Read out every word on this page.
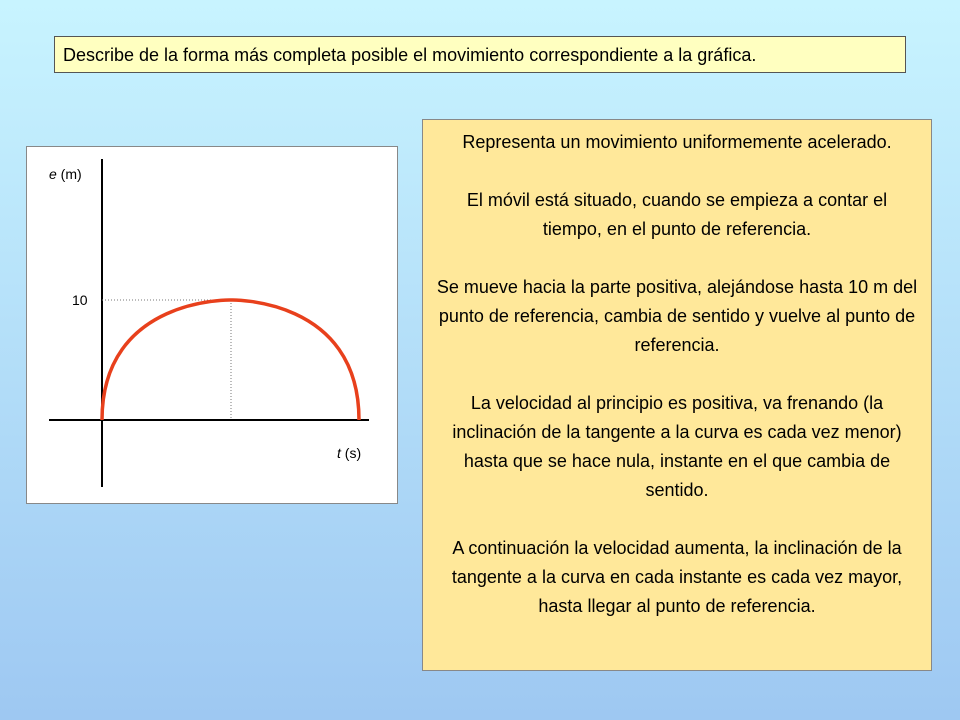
Describe de la forma más completa posible el movimiento correspondiente a la gráfica.
e (m)
10
t (s)

Representa un movimiento uniformemente acelerado.

El móvil está situado, cuando se empieza a contar el tiempo, en el punto de referencia.

Se mueve hacia la parte positiva, alejándose hasta 10 m del punto de referencia, cambia de sentido y vuelve al punto de referencia.

La velocidad al principio es positiva, va frenando (la inclinación de la tangente a la curva es cada vez menor) hasta que se hace nula, instante en el que cambia de sentido.

A continuación la velocidad aumenta, la inclinación de la tangente a la curva en cada instante es cada vez mayor, hasta llegar al punto de referencia.
